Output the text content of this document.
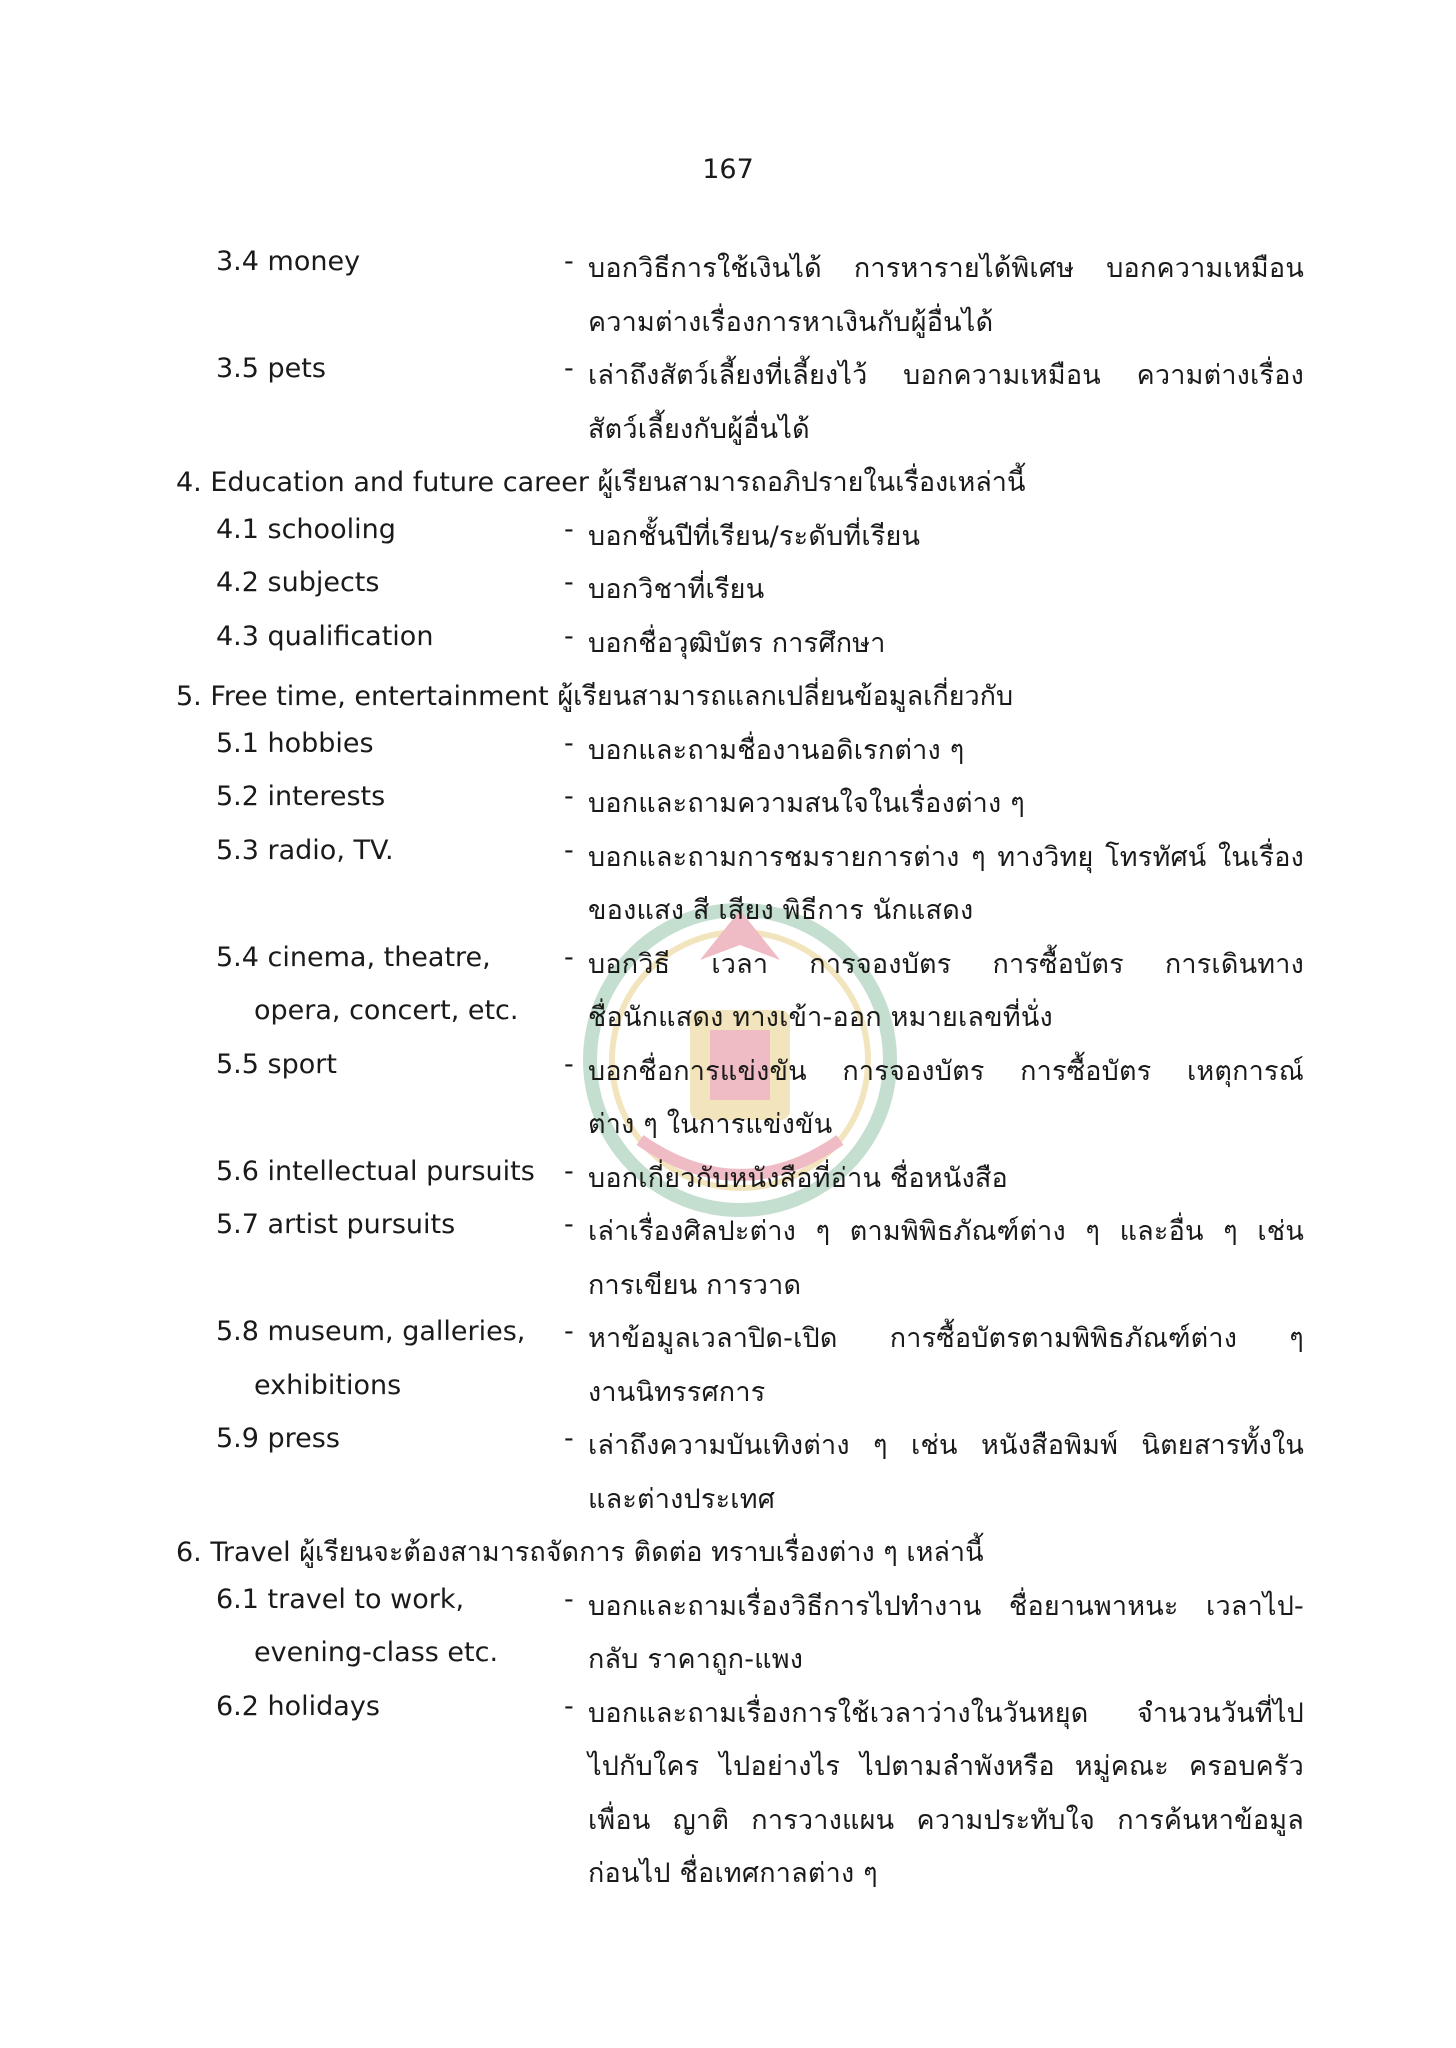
167
3.4 money	- บอกวิธีการใช้เงินได้ การหารายได้พิเศษ บอกความเหมือน
ความต่างเรื่องการหาเงินกับผู้อื่นได้
3.5 pets	- เล่าถึงสัตว์เลี้ยงที่เลี้ยงไว้ บอกความเหมือน ความต่างเรื่อง
สัตว์เลี้ยงกับผู้อื่นได้
4. Education and future career ผู้เรียนสามารถอภิปรายในเรื่องเหล่านี้
4.1 schooling	- บอกชั้นปีที่เรียน/ระดับที่เรียน
4.2 subjects	- บอกวิชาที่เรียน
4.3 qualification	- บอกชื่อวุฒิบัตร การศึกษา
5. Free time, entertainment ผู้เรียนสามารถแลกเปลี่ยนข้อมูลเกี่ยวกับ
5.1 hobbies	- บอกและถามชื่องานอดิเรกต่าง ๆ
5.2 interests	- บอกและถามความสนใจในเรื่องต่าง ๆ
5.3 radio, TV.	- บอกและถามการชมรายการต่าง ๆ ทางวิทยุ โทรทัศน์ ในเรื่อง
ของแสง สี เสียง พิธีการ นักแสดง
5.4 cinema, theatre,	- บอกวิธี เวลา การจองบัตร การซื้อบัตร การเดินทาง
opera, concert, etc.	ชื่อนักแสดง ทางเข้า-ออก หมายเลขที่นั่ง
5.5 sport	- บอกชื่อการแข่งขัน การจองบัตร การซื้อบัตร เหตุการณ์
ต่าง ๆ ในการแข่งขัน
5.6 intellectual pursuits - บอกเกี่ยวกับหนังสือที่อ่าน ชื่อหนังสือ
5.7 artist pursuits	- เล่าเรื่องศิลปะต่าง ๆ ตามพิพิธภัณฑ์ต่าง ๆ และอื่น ๆ เช่น
การเขียน การวาด
5.8 museum, galleries, - หาข้อมูลเวลาปิด-เปิด การซื้อบัตรตามพิพิธภัณฑ์ต่าง ๆ
exhibitions	งานนิทรรศการ
5.9 press	- เล่าถึงความบันเทิงต่าง ๆ เช่น หนังสือพิมพ์ นิตยสารทั้งใน
และต่างประเทศ
6. Travel ผู้เรียนจะต้องสามารถจัดการ ติดต่อ ทราบเรื่องต่าง ๆ เหล่านี้
6.1 travel to work,	- บอกและถามเรื่องวิธีการไปทำงาน ชื่อยานพาหนะ เวลาไป-
evening-class etc.	กลับ ราคาถูก-แพง
6.2 holidays	- บอกและถามเรื่องการใช้เวลาว่างในวันหยุด จำนวนวันที่ไป
ไปกับใคร ไปอย่างไร ไปตามลำพังหรือ หมู่คณะ ครอบครัว
เพื่อน ญาติ การวางแผน ความประทับใจ การค้นหาข้อมูล
ก่อนไป ชื่อเทศกาลต่าง ๆ
